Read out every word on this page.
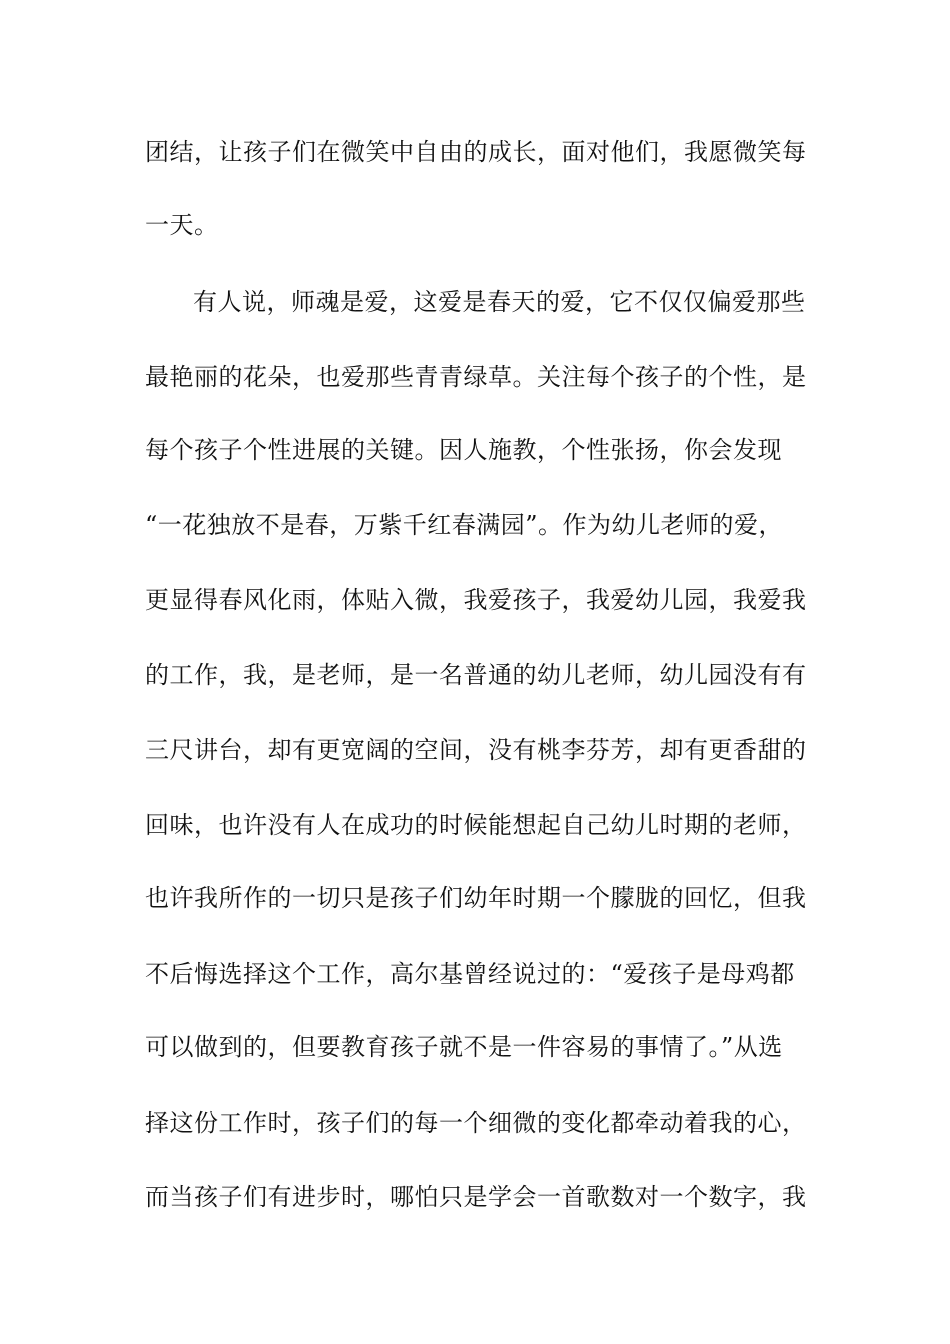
团结，让孩子们在微笑中自由的成长，面对他们，我愿微笑每
一天。
有人说，师魂是爱，这爱是春天的爱，它不仅仅偏爱那些
最艳丽的花朵，也爱那些青青绿草。关注每个孩子的个性，是
每个孩子个性进展的关键。因人施教，个性张扬，你会发现
“一花独放不是春，万紫千红春满园”。作为幼儿老师的爱，
更显得春风化雨，体贴入微，我爱孩子，我爱幼儿园，我爱我
的工作，我，是老师，是一名普通的幼儿老师，幼儿园没有有
三尺讲台，却有更宽阔的空间，没有桃李芬芳，却有更香甜的
回味，也许没有人在成功的时候能想起自己幼儿时期的老师，
也许我所作的一切只是孩子们幼年时期一个朦胧的回忆，但我
不后悔选择这个工作，高尔基曾经说过的：“爱孩子是母鸡都
可以做到的，但要教育孩子就不是一件容易的事情了。”从选
择这份工作时，孩子们的每一个细微的变化都牵动着我的心，
而当孩子们有进步时，哪怕只是学会一首歌数对一个数字，我
